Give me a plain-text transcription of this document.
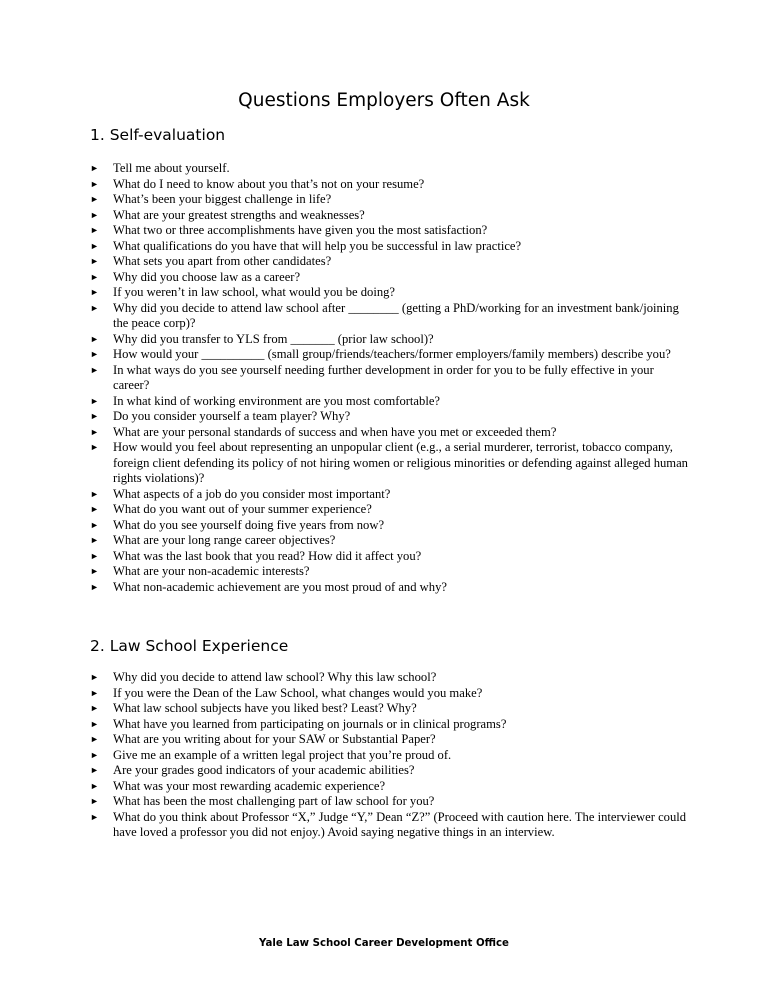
Questions Employers Often Ask
1. Self-evaluation
► Tell me about yourself.
► What do I need to know about you that’s not on your resume?
► What’s been your biggest challenge in life?
► What are your greatest strengths and weaknesses?
► What two or three accomplishments have given you the most satisfaction?
► What qualifications do you have that will help you be successful in law practice?
► What sets you apart from other candidates?
► Why did you choose law as a career?
► If you weren’t in law school, what would you be doing?
► Why did you decide to attend law school after ________ (getting a PhD/working for an investment bank/joining the peace corp)?
► Why did you transfer to YLS from _______ (prior law school)?
► How would your __________ (small group/friends/teachers/former employers/family members) describe you?
► In what ways do you see yourself needing further development in order for you to be fully effective in your career?
► In what kind of working environment are you most comfortable?
► Do you consider yourself a team player? Why?
► What are your personal standards of success and when have you met or exceeded them?
► How would you feel about representing an unpopular client (e.g., a serial murderer, terrorist, tobacco company, foreign client defending its policy of not hiring women or religious minorities or defending against alleged human rights violations)?
► What aspects of a job do you consider most important?
► What do you want out of your summer experience?
► What do you see yourself doing five years from now?
► What are your long range career objectives?
► What was the last book that you read? How did it affect you?
► What are your non-academic interests?
► What non-academic achievement are you most proud of and why?
2. Law School Experience
► Why did you decide to attend law school? Why this law school?
► If you were the Dean of the Law School, what changes would you make?
► What law school subjects have you liked best? Least? Why?
► What have you learned from participating on journals or in clinical programs?
► What are you writing about for your SAW or Substantial Paper?
► Give me an example of a written legal project that you’re proud of.
► Are your grades good indicators of your academic abilities?
► What was your most rewarding academic experience?
► What has been the most challenging part of law school for you?
► What do you think about Professor “X,” Judge “Y,” Dean “Z?” (Proceed with caution here. The interviewer could have loved a professor you did not enjoy.) Avoid saying negative things in an interview.
Yale Law School Career Development Office
